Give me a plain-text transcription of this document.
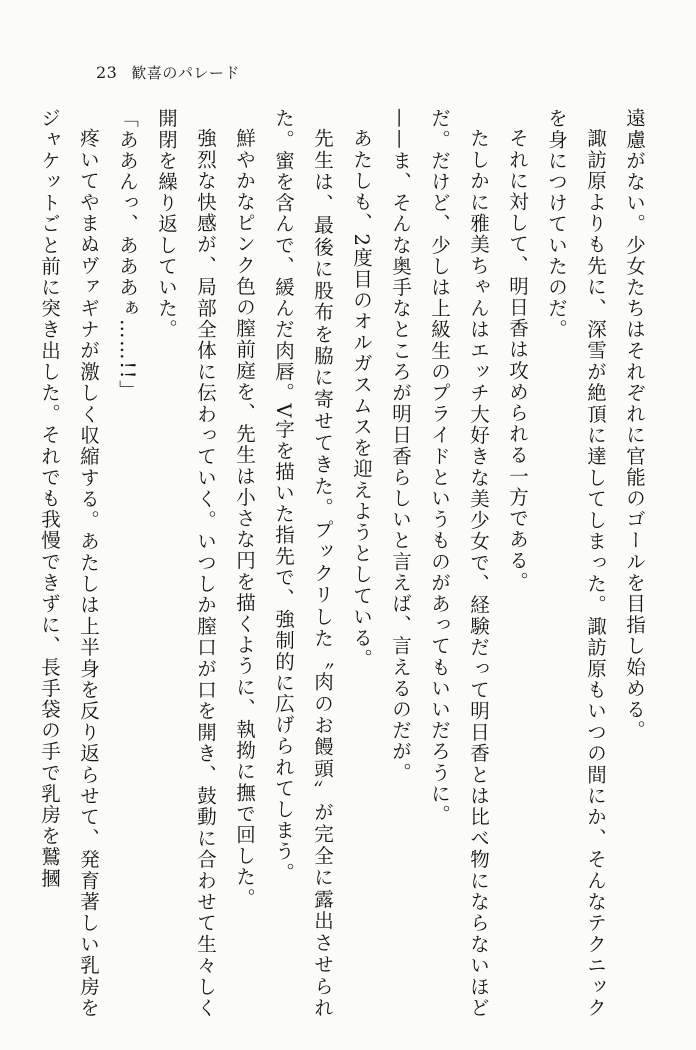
23 歓喜のパレード

遠慮がない。少女たちはそれぞれに官能のゴールを目指し始める。

諏訪原よりも先に、深雪が絶頂に達してしまった。諏訪原もいつの間にか、そんなテクニックを身につけていたのだ。

それに対して、明日香は攻められる一方である。

たしかに雅美ちゃんはエッチ大好きな美少女で、経験だって明日香とは比べ物にならないほどだ。だけど、少しは上級生のプライドというものがあってもいいだろうに。

——ま、そんな奥手なところが明日香らしいと言えば、言えるのだが。

あたしも、2度目のオルガスムスを迎えようとしている。

先生は、最後に股布を脇に寄せてきた。プックリした〝肉のお饅頭〟が完全に露出させられた。蜜を含んで、緩んだ肉唇。V字を描いた指先で、強制的に広げられてしまう。

鮮やかなピンク色の膣前庭を、先生は小さな円を描くように、執拗に撫で回した。

強烈な快感が、局部全体に伝わっていく。いつしか膣口が口を開き、鼓動に合わせて生々しく開閉を繰り返していた。

「ああんっ、あああぁ……!!」

疼いてやまぬヴァギナが激しく収縮する。あたしは上半身を反り返らせて、発育著しい乳房をジャケットごと前に突き出した。それでも我慢できずに、長手袋の手で乳房を鷲摑
